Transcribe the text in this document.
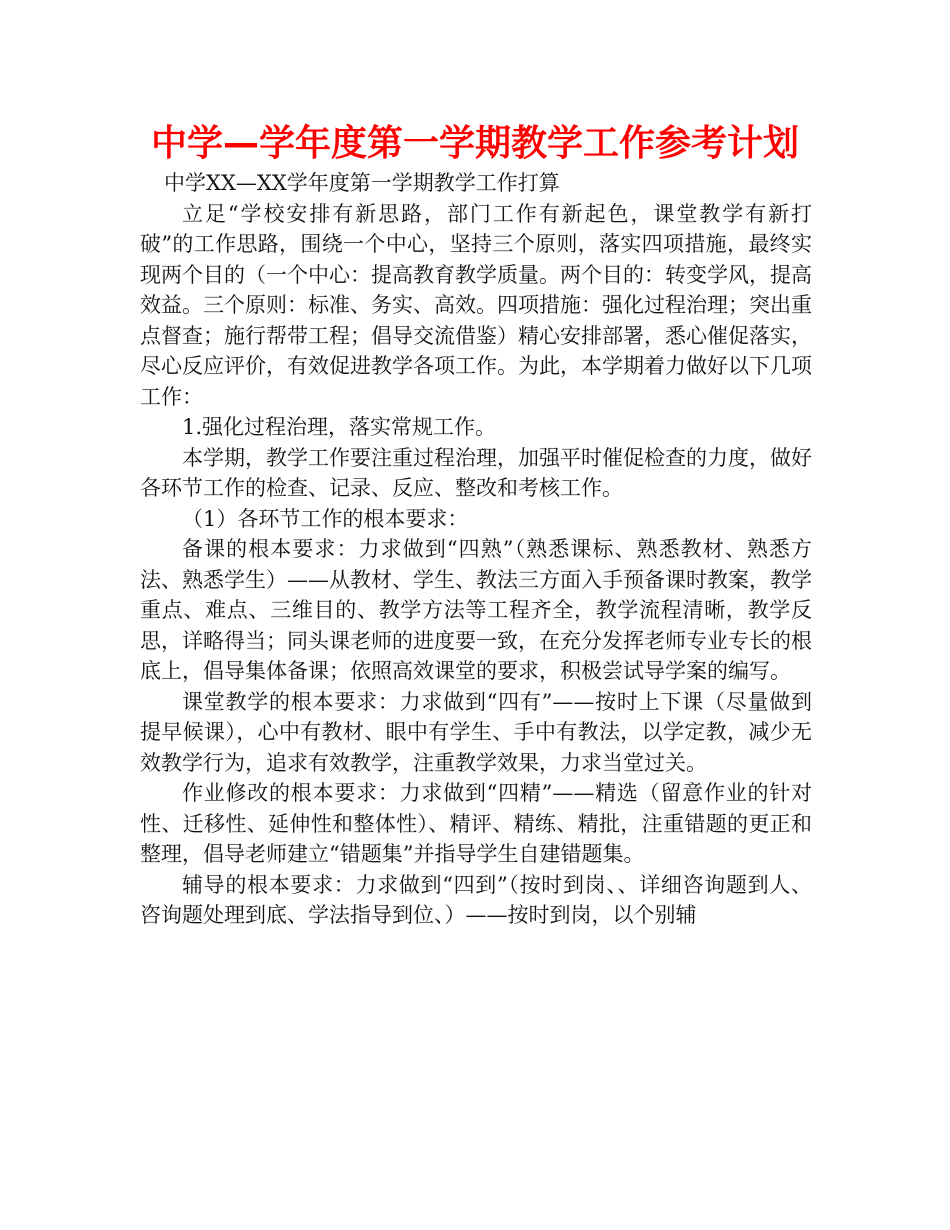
中学—学年度第一学期教学工作参考计划

中学XX—XX学年度第一学期教学工作打算

立足“学校安排有新思路，部门工作有新起色，课堂教学有新打破”的工作思路，围绕一个中心，坚持三个原则，落实四项措施，最终实现两个目的（一个中心：提高教育教学质量。两个目的：转变学风，提高效益。三个原则：标准、务实、高效。四项措施：强化过程治理；突出重点督查；施行帮带工程；倡导交流借鉴）精心安排部署，悉心催促落实，尽心反应评价，有效促进教学各项工作。为此，本学期着力做好以下几项工作：

1.强化过程治理，落实常规工作。

本学期，教学工作要注重过程治理，加强平时催促检查的力度，做好各环节工作的检查、记录、反应、整改和考核工作。

（1）各环节工作的根本要求：

备课的根本要求：力求做到“四熟”（熟悉课标、熟悉教材、熟悉方法、熟悉学生）——从教材、学生、教法三方面入手预备课时教案，教学重点、难点、三维目的、教学方法等工程齐全，教学流程清晰，教学反思，详略得当；同头课老师的进度要一致，在充分发挥老师专业专长的根底上，倡导集体备课；依照高效课堂的要求，积极尝试导学案的编写。

课堂教学的根本要求：力求做到“四有”——按时上下课（尽量做到提早候课），心中有教材、眼中有学生、手中有教法，以学定教，减少无效教学行为，追求有效教学，注重教学效果，力求当堂过关。

作业修改的根本要求：力求做到“四精”——精选（留意作业的针对性、迁移性、延伸性和整体性）、精评、精练、精批，注重错题的更正和整理，倡导老师建立“错题集”并指导学生自建错题集。

辅导的根本要求：力求做到“四到”（按时到岗、、详细咨询题到人、咨询题处理到底、学法指导到位、）——按时到岗，以个别辅
